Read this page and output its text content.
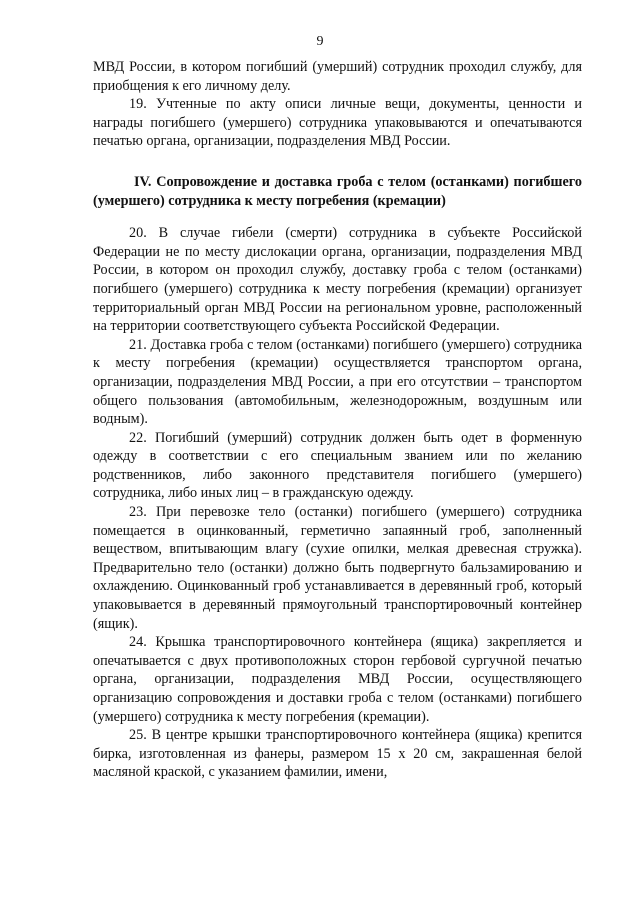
9

МВД России, в котором погибший (умерший) сотрудник проходил службу, для приобщения к его личному делу.

19. Учтенные по акту описи личные вещи, документы, ценности и награды погибшего (умершего) сотрудника упаковываются и опечатываются печатью органа, организации, подразделения МВД России.

IV. Сопровождение и доставка гроба с телом (останками) погибшего (умершего) сотрудника к месту погребения (кремации)

20. В случае гибели (смерти) сотрудника в субъекте Российской Федерации не по месту дислокации органа, организации, подразделения МВД России, в котором он проходил службу, доставку гроба с телом (останками) погибшего (умершего) сотрудника к месту погребения (кремации) организует территориальный орган МВД России на региональном уровне, расположенный на территории соответствующего субъекта Российской Федерации.

21. Доставка гроба с телом (останками) погибшего (умершего) сотрудника к месту погребения (кремации) осуществляется транспортом органа, организации, подразделения МВД России, а при его отсутствии – транспортом общего пользования (автомобильным, железнодорожным, воздушным или водным).

22. Погибший (умерший) сотрудник должен быть одет в форменную одежду в соответствии с его специальным званием или по желанию родственников, либо законного представителя погибшего (умершего) сотрудника, либо иных лиц – в гражданскую одежду.

23. При перевозке тело (останки) погибшего (умершего) сотрудника помещается в оцинкованный, герметично запаянный гроб, заполненный веществом, впитывающим влагу (сухие опилки, мелкая древесная стружка). Предварительно тело (останки) должно быть подвергнуто бальзамированию и охлаждению. Оцинкованный гроб устанавливается в деревянный гроб, который упаковывается в деревянный прямоугольный транспортировочный контейнер (ящик).

24. Крышка транспортировочного контейнера (ящика) закрепляется и опечатывается с двух противоположных сторон гербовой сургучной печатью органа, организации, подразделения МВД России, осуществляющего организацию сопровождения и доставки гроба с телом (останками) погибшего (умершего) сотрудника к месту погребения (кремации).

25. В центре крышки транспортировочного контейнера (ящика) крепится бирка, изготовленная из фанеры, размером 15 х 20 см, закрашенная белой масляной краской, с указанием фамилии, имени,
